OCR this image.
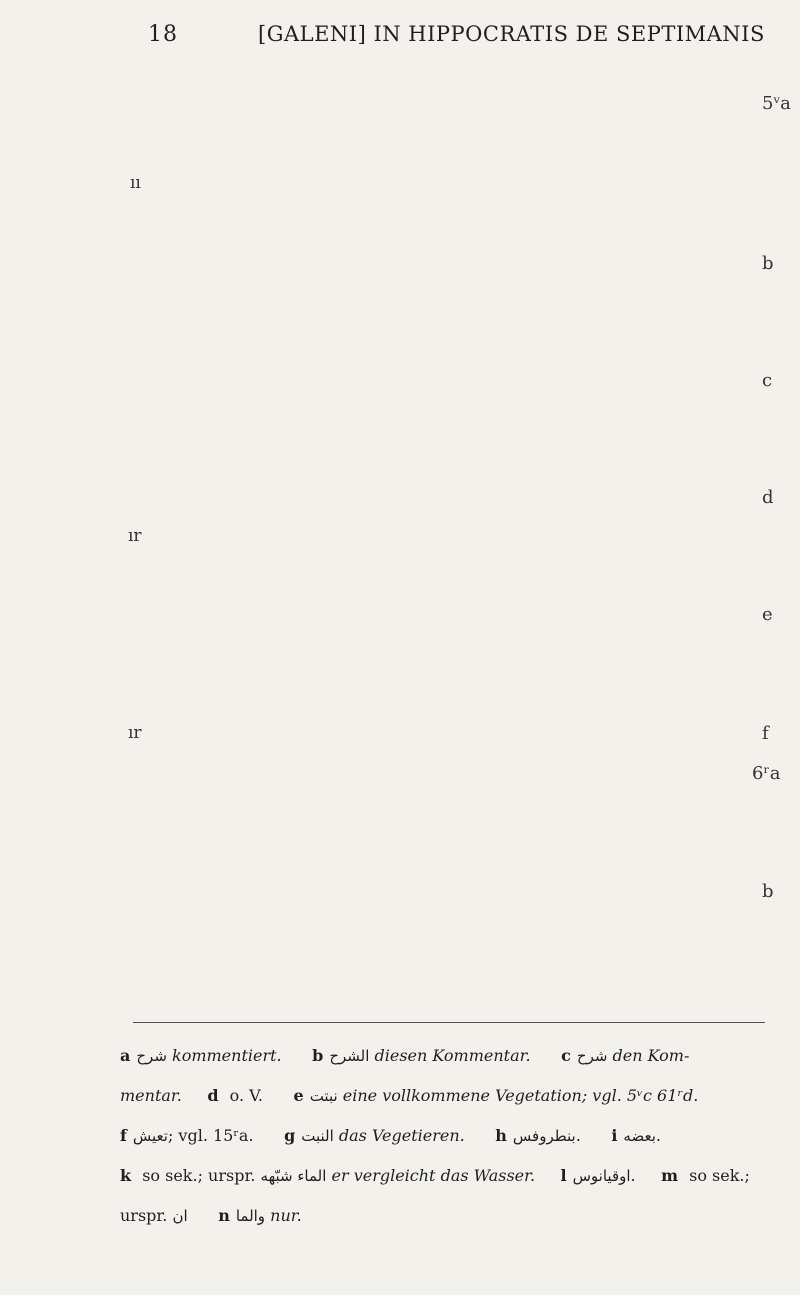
18	[GALENI] IN HIPPOCRATIS DE SEPTIMANIS
5ᵛa
ıı
b
c
d
ır
e
ır	f
6ʳa
b
a شرح kommentiert. b الشرح diesen Kommentar. c شرح den Kom-
mentar. d o. V. e نبتت eine vollkommene Vegetation; vgl. 5ᵛc 61ʳd.
f تعيش; vgl. 15ʳa. g النبت das Vegetieren. h بنطروفس. i بعضه.
k so sek.; urspr. الماء شبّهه er vergleicht das Wasser. l اوقيانوس. m so sek.;
urspr. ان n والما nur.
